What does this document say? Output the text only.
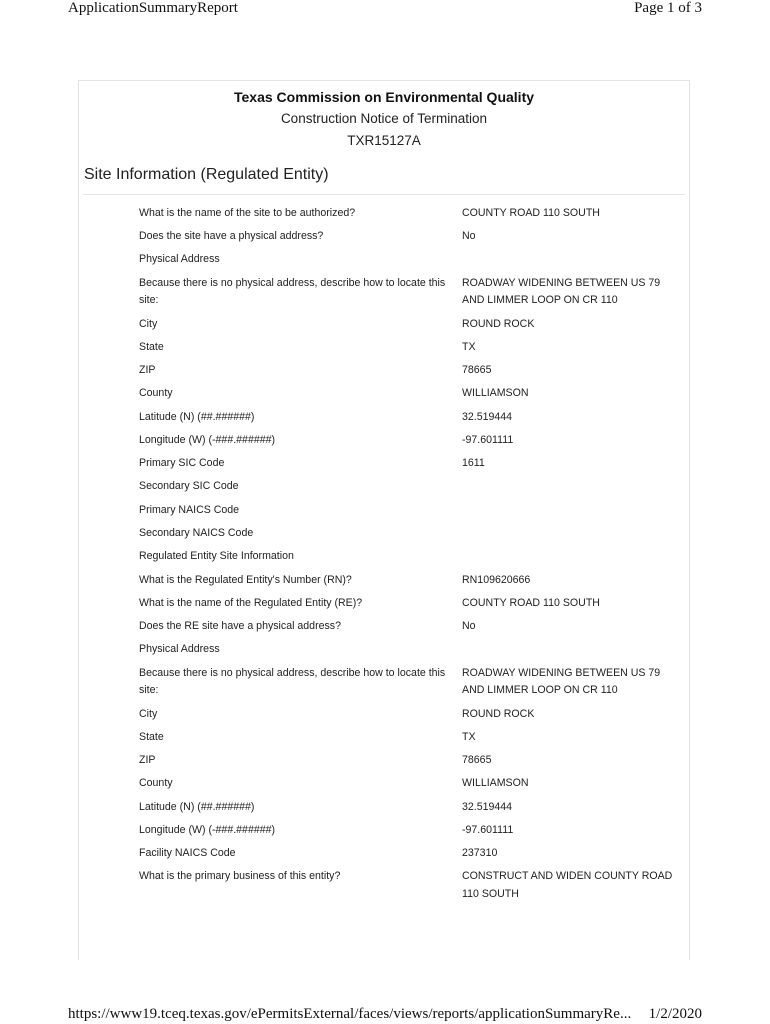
ApplicationSummaryReport	Page 1 of 3
Texas Commission on Environmental Quality
Construction Notice of Termination
TXR15127A
Site Information (Regulated Entity)
What is the name of the site to be authorized?	COUNTY ROAD 110 SOUTH
Does the site have a physical address?	No
Physical Address
Because there is no physical address, describe how to locate this site:
ROADWAY WIDENING BETWEEN US 79 AND LIMMER LOOP ON CR 110
City	ROUND ROCK
State	TX
ZIP	78665
County	WILLIAMSON
Latitude (N) (##.######)	32.519444
Longitude (W) (-###.######)	-97.601111
Primary SIC Code	1611
Secondary SIC Code
Primary NAICS Code
Secondary NAICS Code
Regulated Entity Site Information
What is the Regulated Entity's Number (RN)?	RN109620666
What is the name of the Regulated Entity (RE)?	COUNTY ROAD 110 SOUTH
Does the RE site have a physical address?	No
Physical Address
Because there is no physical address, describe how to locate this site:
ROADWAY WIDENING BETWEEN US 79 AND LIMMER LOOP ON CR 110
City	ROUND ROCK
State	TX
ZIP	78665
County	WILLIAMSON
Latitude (N) (##.######)	32.519444
Longitude (W) (-###.######)	-97.601111
Facility NAICS Code	237310
What is the primary business of this entity?	CONSTRUCT AND WIDEN COUNTY ROAD 110 SOUTH
https://www19.tceq.texas.gov/ePermitsExternal/faces/views/reports/applicationSummaryRe... 1/2/2020
